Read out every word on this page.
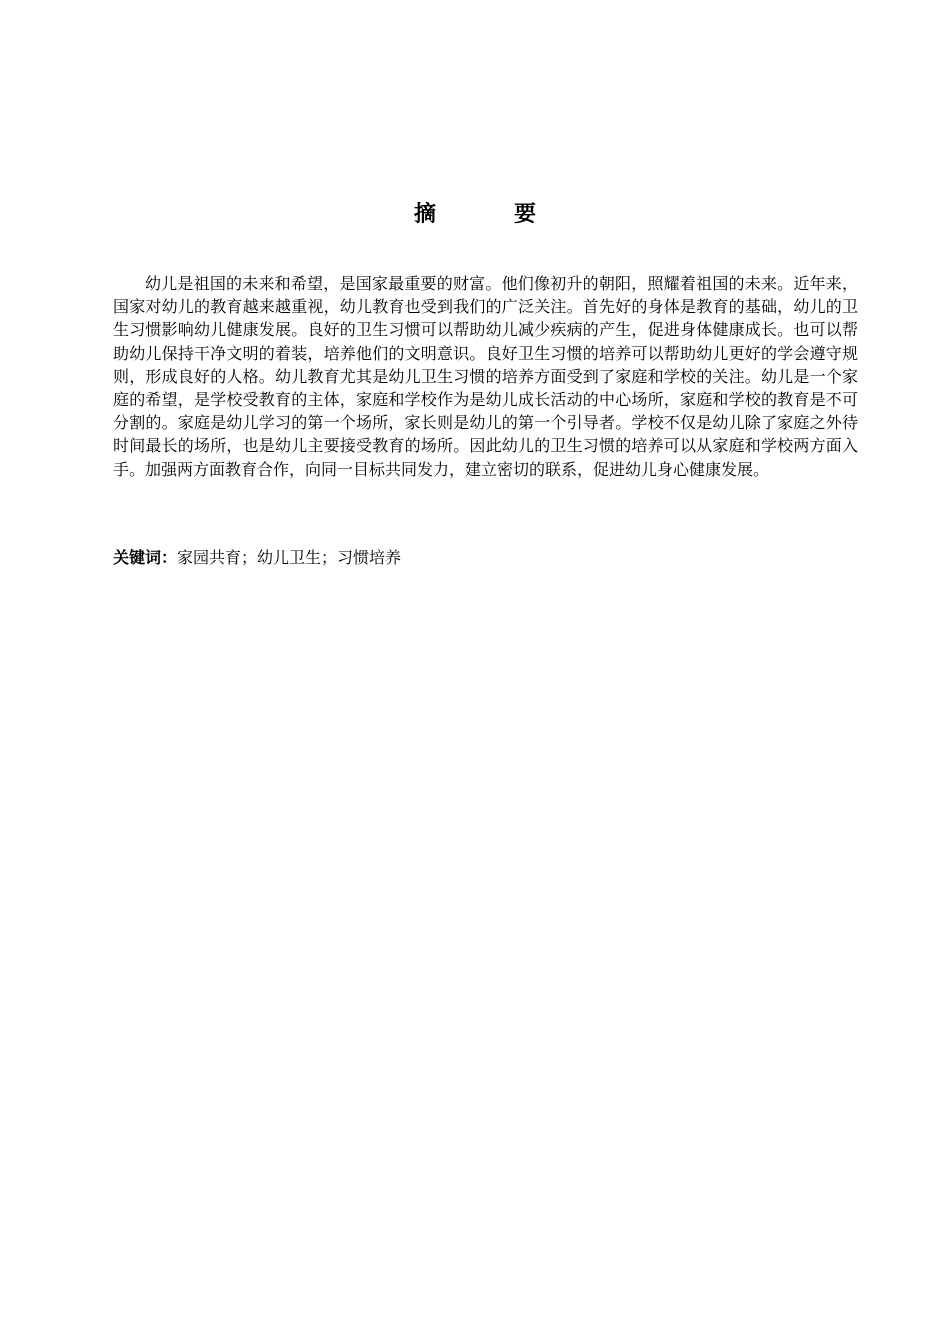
摘　要

幼儿是祖国的未来和希望，是国家最重要的财富。他们像初升的朝阳，照耀着祖国的未来。近年来，国家对幼儿的教育越来越重视，幼儿教育也受到我们的广泛关注。首先好的身体是教育的基础，幼儿的卫生习惯影响幼儿健康发展。良好的卫生习惯可以帮助幼儿减少疾病的产生，促进身体健康成长。也可以帮助幼儿保持干净文明的着装，培养他们的文明意识。良好卫生习惯的培养可以帮助幼儿更好的学会遵守规则，形成良好的人格。幼儿教育尤其是幼儿卫生习惯的培养方面受到了家庭和学校的关注。幼儿是一个家庭的希望，是学校受教育的主体，家庭和学校作为是幼儿成长活动的中心场所，家庭和学校的教育是不可分割的。家庭是幼儿学习的第一个场所，家长则是幼儿的第一个引导者。学校不仅是幼儿除了家庭之外待时间最长的场所，也是幼儿主要接受教育的场所。因此幼儿的卫生习惯的培养可以从家庭和学校两方面入手。加强两方面教育合作，向同一目标共同发力，建立密切的联系，促进幼儿身心健康发展。

关键词：家园共育；幼儿卫生；习惯培养
